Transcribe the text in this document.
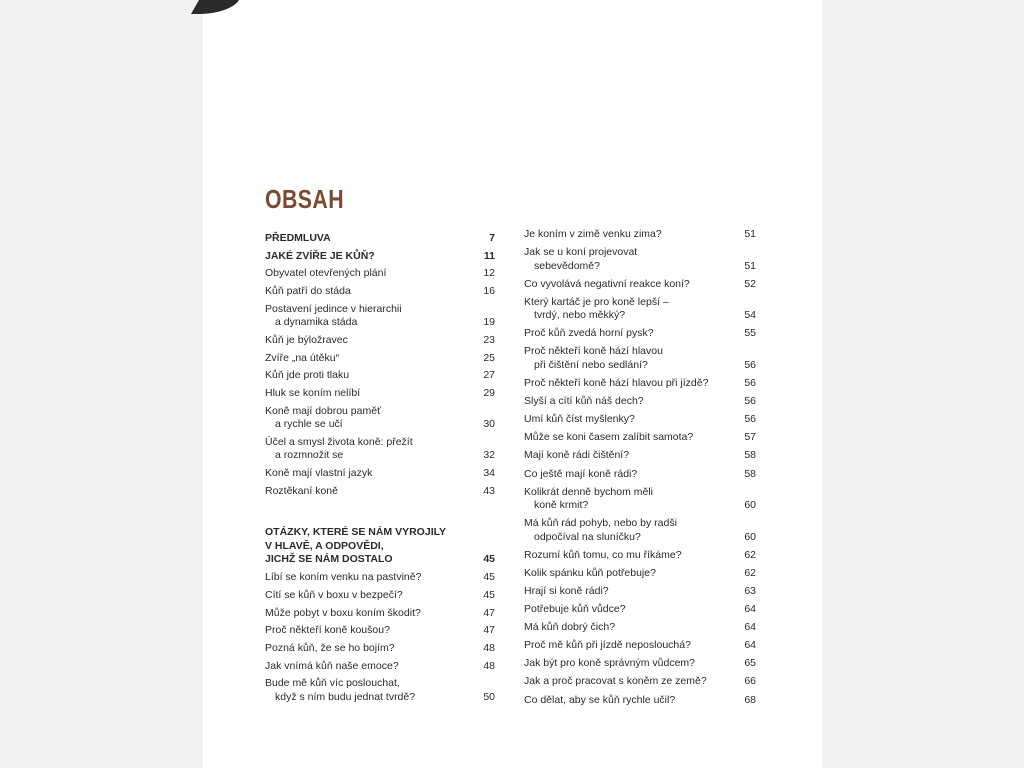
OBSAH
PŘEDMLUVA	7
JAKÉ ZVÍŘE JE KŮŇ?	11
Obyvatel otevřených plání	12
Kůň patří do stáda	16
Postavení jedince v hierarchii
a dynamika stáda	19
Kůň je býložravec	23
Zvíře „na útěku“	25
Kůň jde proti tlaku	27
Hluk se koním nelíbí	29
Koně mají dobrou paměť
a rychle se učí	30
Účel a smysl života koně: přežít
a rozmnožit se	32
Koně mají vlastní jazyk	34
Roztěkaní koně	43
OTÁZKY, KTERÉ SE NÁM VYROJILY
V HLAVĚ, A ODPOVĚDI,
JICHŽ SE NÁM DOSTALO	45
Líbí se koním venku na pastvině?	45
Cítí se kůň v boxu v bezpečí?	45
Může pobyt v boxu koním škodit?	47
Proč někteří koně koušou?	47
Pozná kůň, že se ho bojím?	48
Jak vnímá kůň naše emoce?	48
Bude mě kůň víc poslouchat,
když s ním budu jednat tvrdě?	50
Je koním v zimě venku zima?	51
Jak se u koní projevovat
sebevědomě?	51
Co vyvolává negativní reakce koní?	52
Který kartáč je pro koně lepší –
tvrdý, nebo měkký?	54
Proč kůň zvedá horní pysk?	55
Proč někteří koně hází hlavou
při čištění nebo sedlání?	56
Proč někteří koně hází hlavou při jízdě?	56
Slyší a cítí kůň náš dech?	56
Umí kůň číst myšlenky?	56
Může se koni časem zalíbit samota?	57
Mají koně rádi čištění?	58
Co ještě mají koně rádi?	58
Kolikrát denně bychom měli
koně krmit?	60
Má kůň rád pohyb, nebo by radši
odpočíval na sluníčku?	60
Rozumí kůň tomu, co mu říkáme?	62
Kolik spánku kůň potřebuje?	62
Hrají si koně rádi?	63
Potřebuje kůň vůdce?	64
Má kůň dobrý čich?	64
Proč mě kůň při jízdě neposlouchá?	64
Jak být pro koně správným vůdcem?	65
Jak a proč pracovat s koněm ze země?	66
Co dělat, aby se kůň rychle učil?	68
